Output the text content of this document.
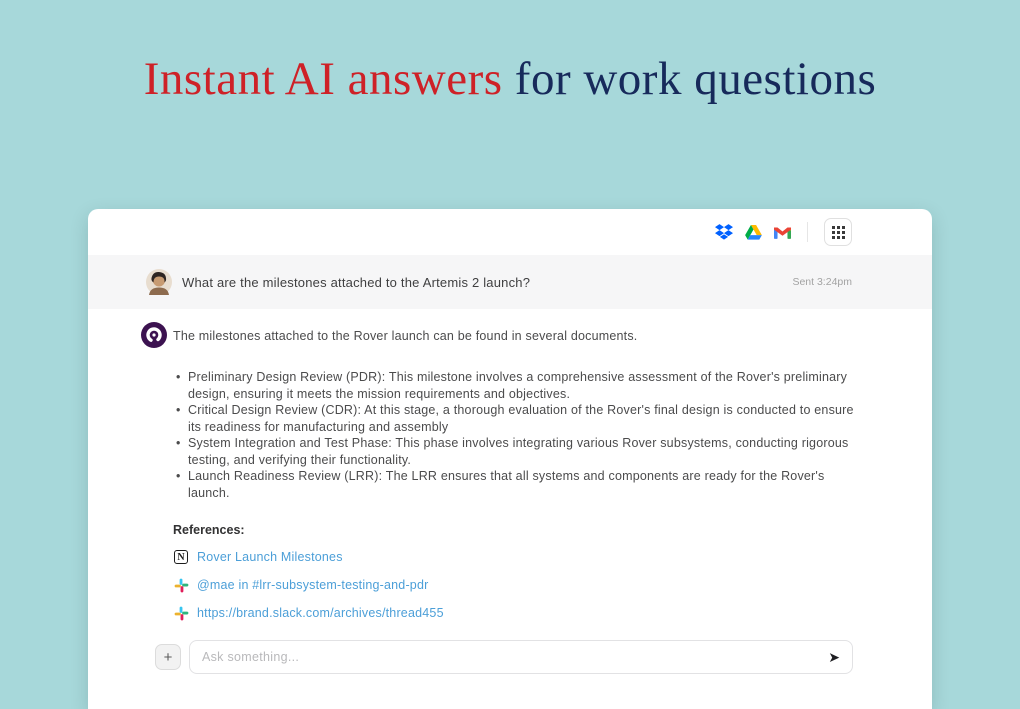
Instant AI answers for work questions
What are the milestones attached to the Artemis 2 launch?	Sent 3:24pm
The milestones attached to the Rover launch can be found in several documents.
• Preliminary Design Review (PDR): This milestone involves a comprehensive assessment of the Rover's preliminary design, ensuring it meets the mission requirements and objectives.
• Critical Design Review (CDR): At this stage, a thorough evaluation of the Rover's final design is conducted to ensure its readiness for manufacturing and assembly
• System Integration and Test Phase: This phase involves integrating various Rover subsystems, conducting rigorous testing, and verifying their functionality.
• Launch Readiness Review (LRR): The LRR ensures that all systems and components are ready for the Rover's launch.
References:
N Rover Launch Milestones
@mae in #lrr-subsystem-testing-and-pdr
https://brand.slack.com/archives/thread455
+
Ask something...	➤
